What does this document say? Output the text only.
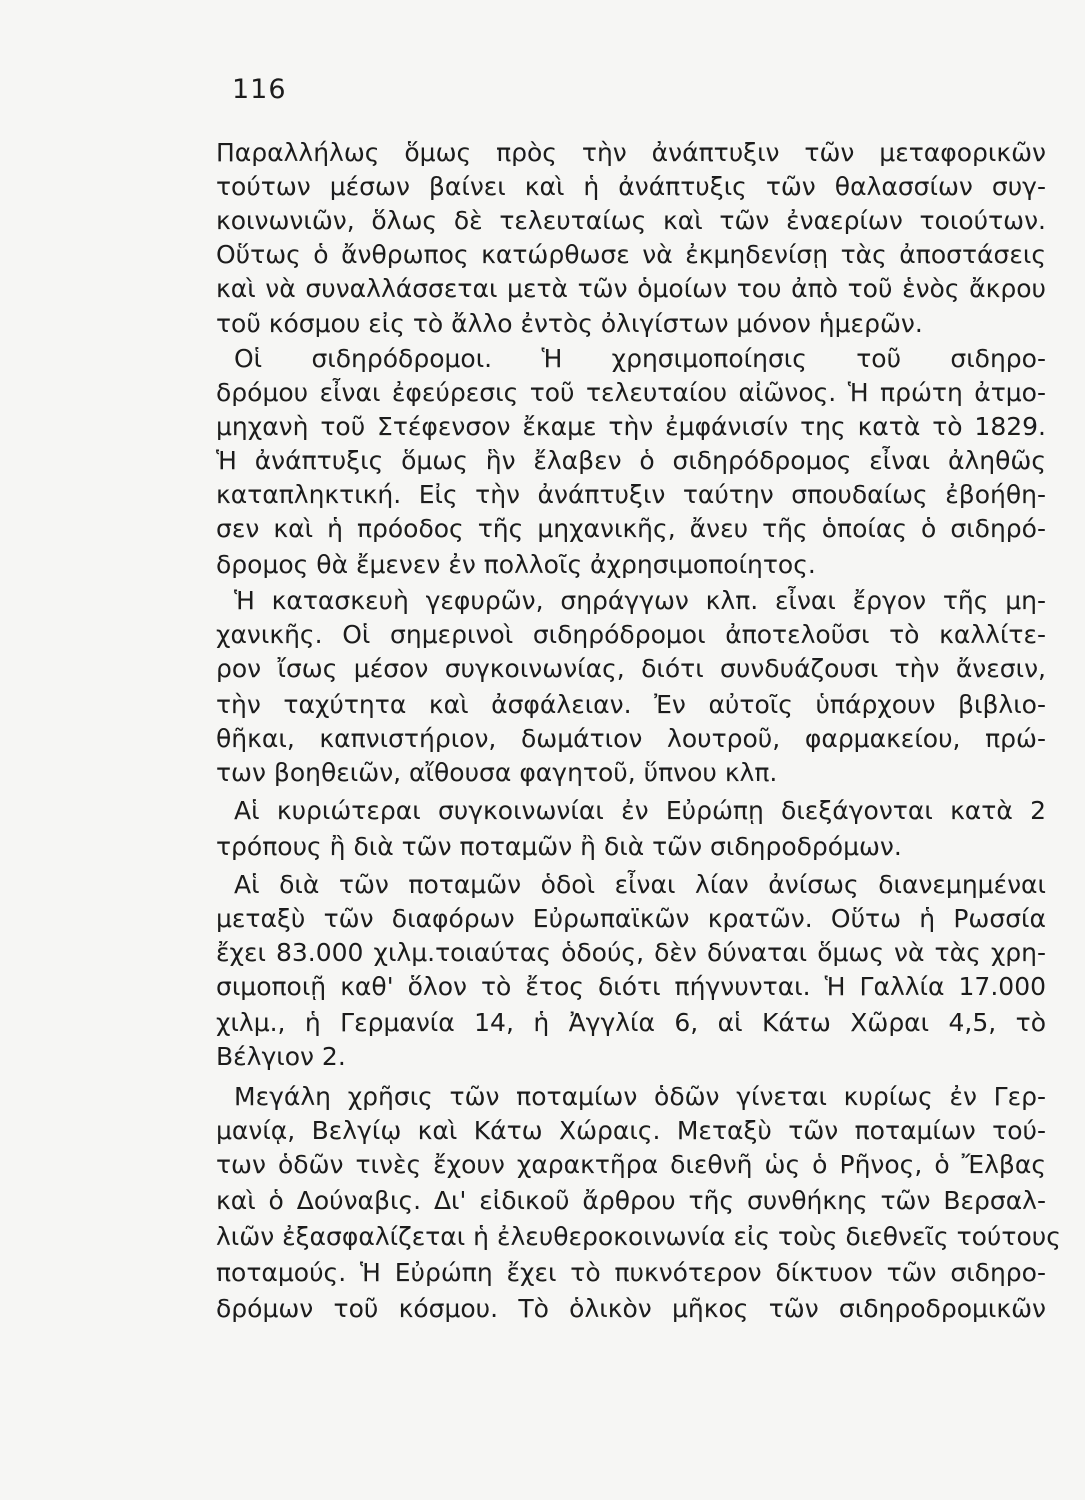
116
Παραλλήλως ὅμως πρὸς τὴν ἀνάπτυξιν τῶν μεταφορικῶν
τούτων μέσων βαίνει καὶ ἡ ἀνάπτυξις τῶν θαλασσίων συγ-
κοινωνιῶν, ὅλως δὲ τελευταίως καὶ τῶν ἐναερίων τοιούτων.
Οὕτως ὁ ἄνθρωπος κατώρθωσε νὰ ἐκμηδενίσῃ τὰς ἀποστάσεις
καὶ νὰ συναλλάσσεται μετὰ τῶν ὁμοίων του ἀπὸ τοῦ ἑνὸς ἄκρου
τοῦ κόσμου εἰς τὸ ἄλλο ἐντὸς ὀλιγίστων μόνον ἡμερῶν.
Οἱ σιδηρόδρομοι. Ἡ χρησιμοποίησις τοῦ σιδηρο-
δρόμου εἶναι ἐφεύρεσις τοῦ τελευταίου αἰῶνος. Ἡ πρώτη ἀτμο-
μηχανὴ τοῦ Στέφενσον ἔκαμε τὴν ἐμφάνισίν της κατὰ τὸ 1829.
Ἡ ἀνάπτυξις ὅμως ἣν ἔλαβεν ὁ σιδηρόδρομος εἶναι ἀληθῶς
καταπληκτική. Εἰς τὴν ἀνάπτυξιν ταύτην σπουδαίως ἐβοήθη-
σεν καὶ ἡ πρόοδος τῆς μηχανικῆς, ἄνευ τῆς ὁποίας ὁ σιδηρό-
δρομος θὰ ἔμενεν ἐν πολλοῖς ἀχρησιμοποίητος.
Ἡ κατασκευὴ γεφυρῶν, σηράγγων κλπ. εἶναι ἔργον τῆς μη-
χανικῆς. Οἱ σημερινοὶ σιδηρόδρομοι ἀποτελοῦσι τὸ καλλίτε-
ρον ἴσως μέσον συγκοινωνίας, διότι συνδυάζουσι τὴν ἄνεσιν,
τὴν ταχύτητα καὶ ἀσφάλειαν. Ἐν αὐτοῖς ὑπάρχουν βιβλιο-
θῆκαι, καπνιστήριον, δωμάτιον λουτροῦ, φαρμακείου, πρώ-
των βοηθειῶν, αἴθουσα φαγητοῦ, ὕπνου κλπ.
Αἱ κυριώτεραι συγκοινωνίαι ἐν Εὐρώπῃ διεξάγονται κατὰ 2
τρόπους ἢ διὰ τῶν ποταμῶν ἢ διὰ τῶν σιδηροδρόμων.
Αἱ διὰ τῶν ποταμῶν ὁδοὶ εἶναι λίαν ἀνίσως διανεμημέναι
μεταξὺ τῶν διαφόρων Εὐρωπαϊκῶν κρατῶν. Οὕτω ἡ Ρωσσία
ἔχει 83.000 χιλμ.τοιαύτας ὁδούς, δὲν δύναται ὅμως νὰ τὰς χρη-
σιμοποιῇ καθ' ὅλον τὸ ἔτος διότι πήγνυνται. Ἡ Γαλλία 17.000
χιλμ., ἡ Γερμανία 14, ἡ Ἀγγλία 6, αἱ Κάτω Χῶραι 4,5, τὸ
Βέλγιον 2.
Μεγάλη χρῆσις τῶν ποταμίων ὁδῶν γίνεται κυρίως ἐν Γερ-
μανίᾳ, Βελγίῳ καὶ Κάτω Χώραις. Μεταξὺ τῶν ποταμίων τού-
των ὁδῶν τινὲς ἔχουν χαρακτῆρα διεθνῆ ὡς ὁ Ρῆνος, ὁ Ἔλβας
καὶ ὁ Δούναβις. Δι' εἰδικοῦ ἄρθρου τῆς συνθήκης τῶν Βερσαλ-
λιῶν ἐξασφαλίζεται ἡ ἐλευθεροκοινωνία εἰς τοὺς διεθνεῖς τούτους
ποταμούς. Ἡ Εὐρώπη ἔχει τὸ πυκνότερον δίκτυον τῶν σιδηρο-
δρόμων τοῦ κόσμου. Τὸ ὁλικὸν μῆκος τῶν σιδηροδρομικῶν
